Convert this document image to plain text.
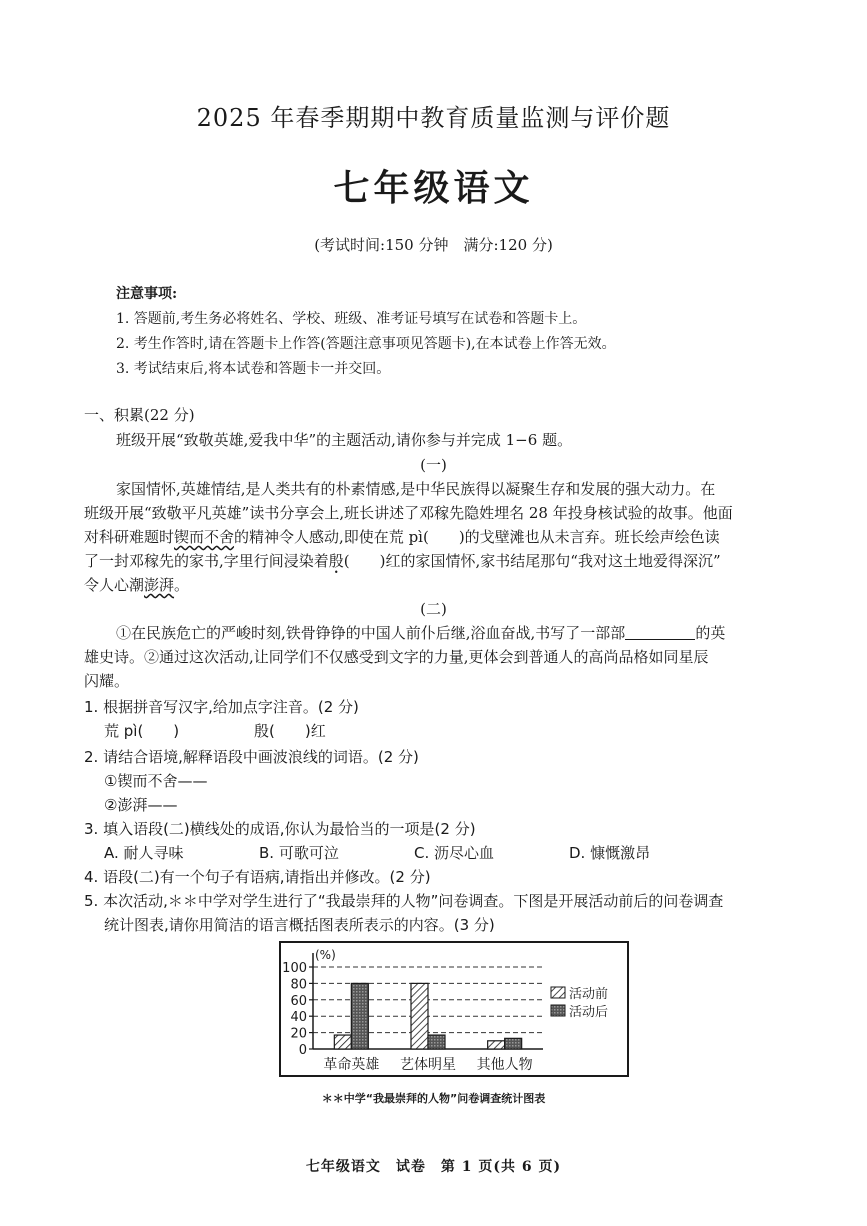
2025 年春季期期中教育质量监测与评价题
七年级语文
(考试时间:150 分钟　满分:120 分)
注意事项:
1. 答题前,考生务必将姓名、学校、班级、准考证号填写在试卷和答题卡上。
2. 考生作答时,请在答题卡上作答(答题注意事项见答题卡),在本试卷上作答无效。
3. 考试结束后,将本试卷和答题卡一并交回。
一、积累(22 分)
班级开展“致敬英雄,爱我中华”的主题活动,请你参与并完成 1−6 题。
(一)
家国情怀,英雄情结,是人类共有的朴素情感,是中华民族得以凝聚生存和发展的强大动力。在
班级开展“致敬平凡英雄”读书分享会上,班长讲述了邓稼先隐姓埋名 28 年投身核试验的故事。他面
对科研难题时锲而不舍的精神令人感动,即使在荒 pì(　　)的戈壁滩也从未言弃。班长绘声绘色读
了一封邓稼先的家书,字里行间浸染着殷(　　)红的家国情怀,家书结尾那句“我对这土地爱得深沉”
令人心潮澎湃。
(二)
①在民族危亡的严峻时刻,铁骨铮铮的中国人前仆后继,浴血奋战,书写了一部部	的英
雄史诗。②通过这次活动,让同学们不仅感受到文字的力量,更体会到普通人的高尚品格如同星辰
闪耀。
1. 根据拼音写汉字,给加点字注音。(2 分)
荒 pì(　　)	殷(　　)红
2. 请结合语境,解释语段中画波浪线的词语。(2 分)
①锲而不舍——
②澎湃——
3. 填入语段(二)横线处的成语,你认为最恰当的一项是(2 分)
A. 耐人寻味	B. 可歌可泣	C. 沥尽心血	D. 慷慨激昂
4. 语段(二)有一个句子有语病,请指出并修改。(2 分)
5. 本次活动,＊＊中学对学生进行了“我最崇拜的人物”问卷调查。下图是开展活动前后的问卷调查
统计图表,请你用简洁的语言概括图表所表示的内容。(3 分)
0
20
40
60
80
100
(%)
革命英雄 艺体明星 其他人物
活动前
活动后
＊＊中学“我最崇拜的人物”问卷调查统计图表
七年级语文　试卷　第 1 页(共 6 页)
